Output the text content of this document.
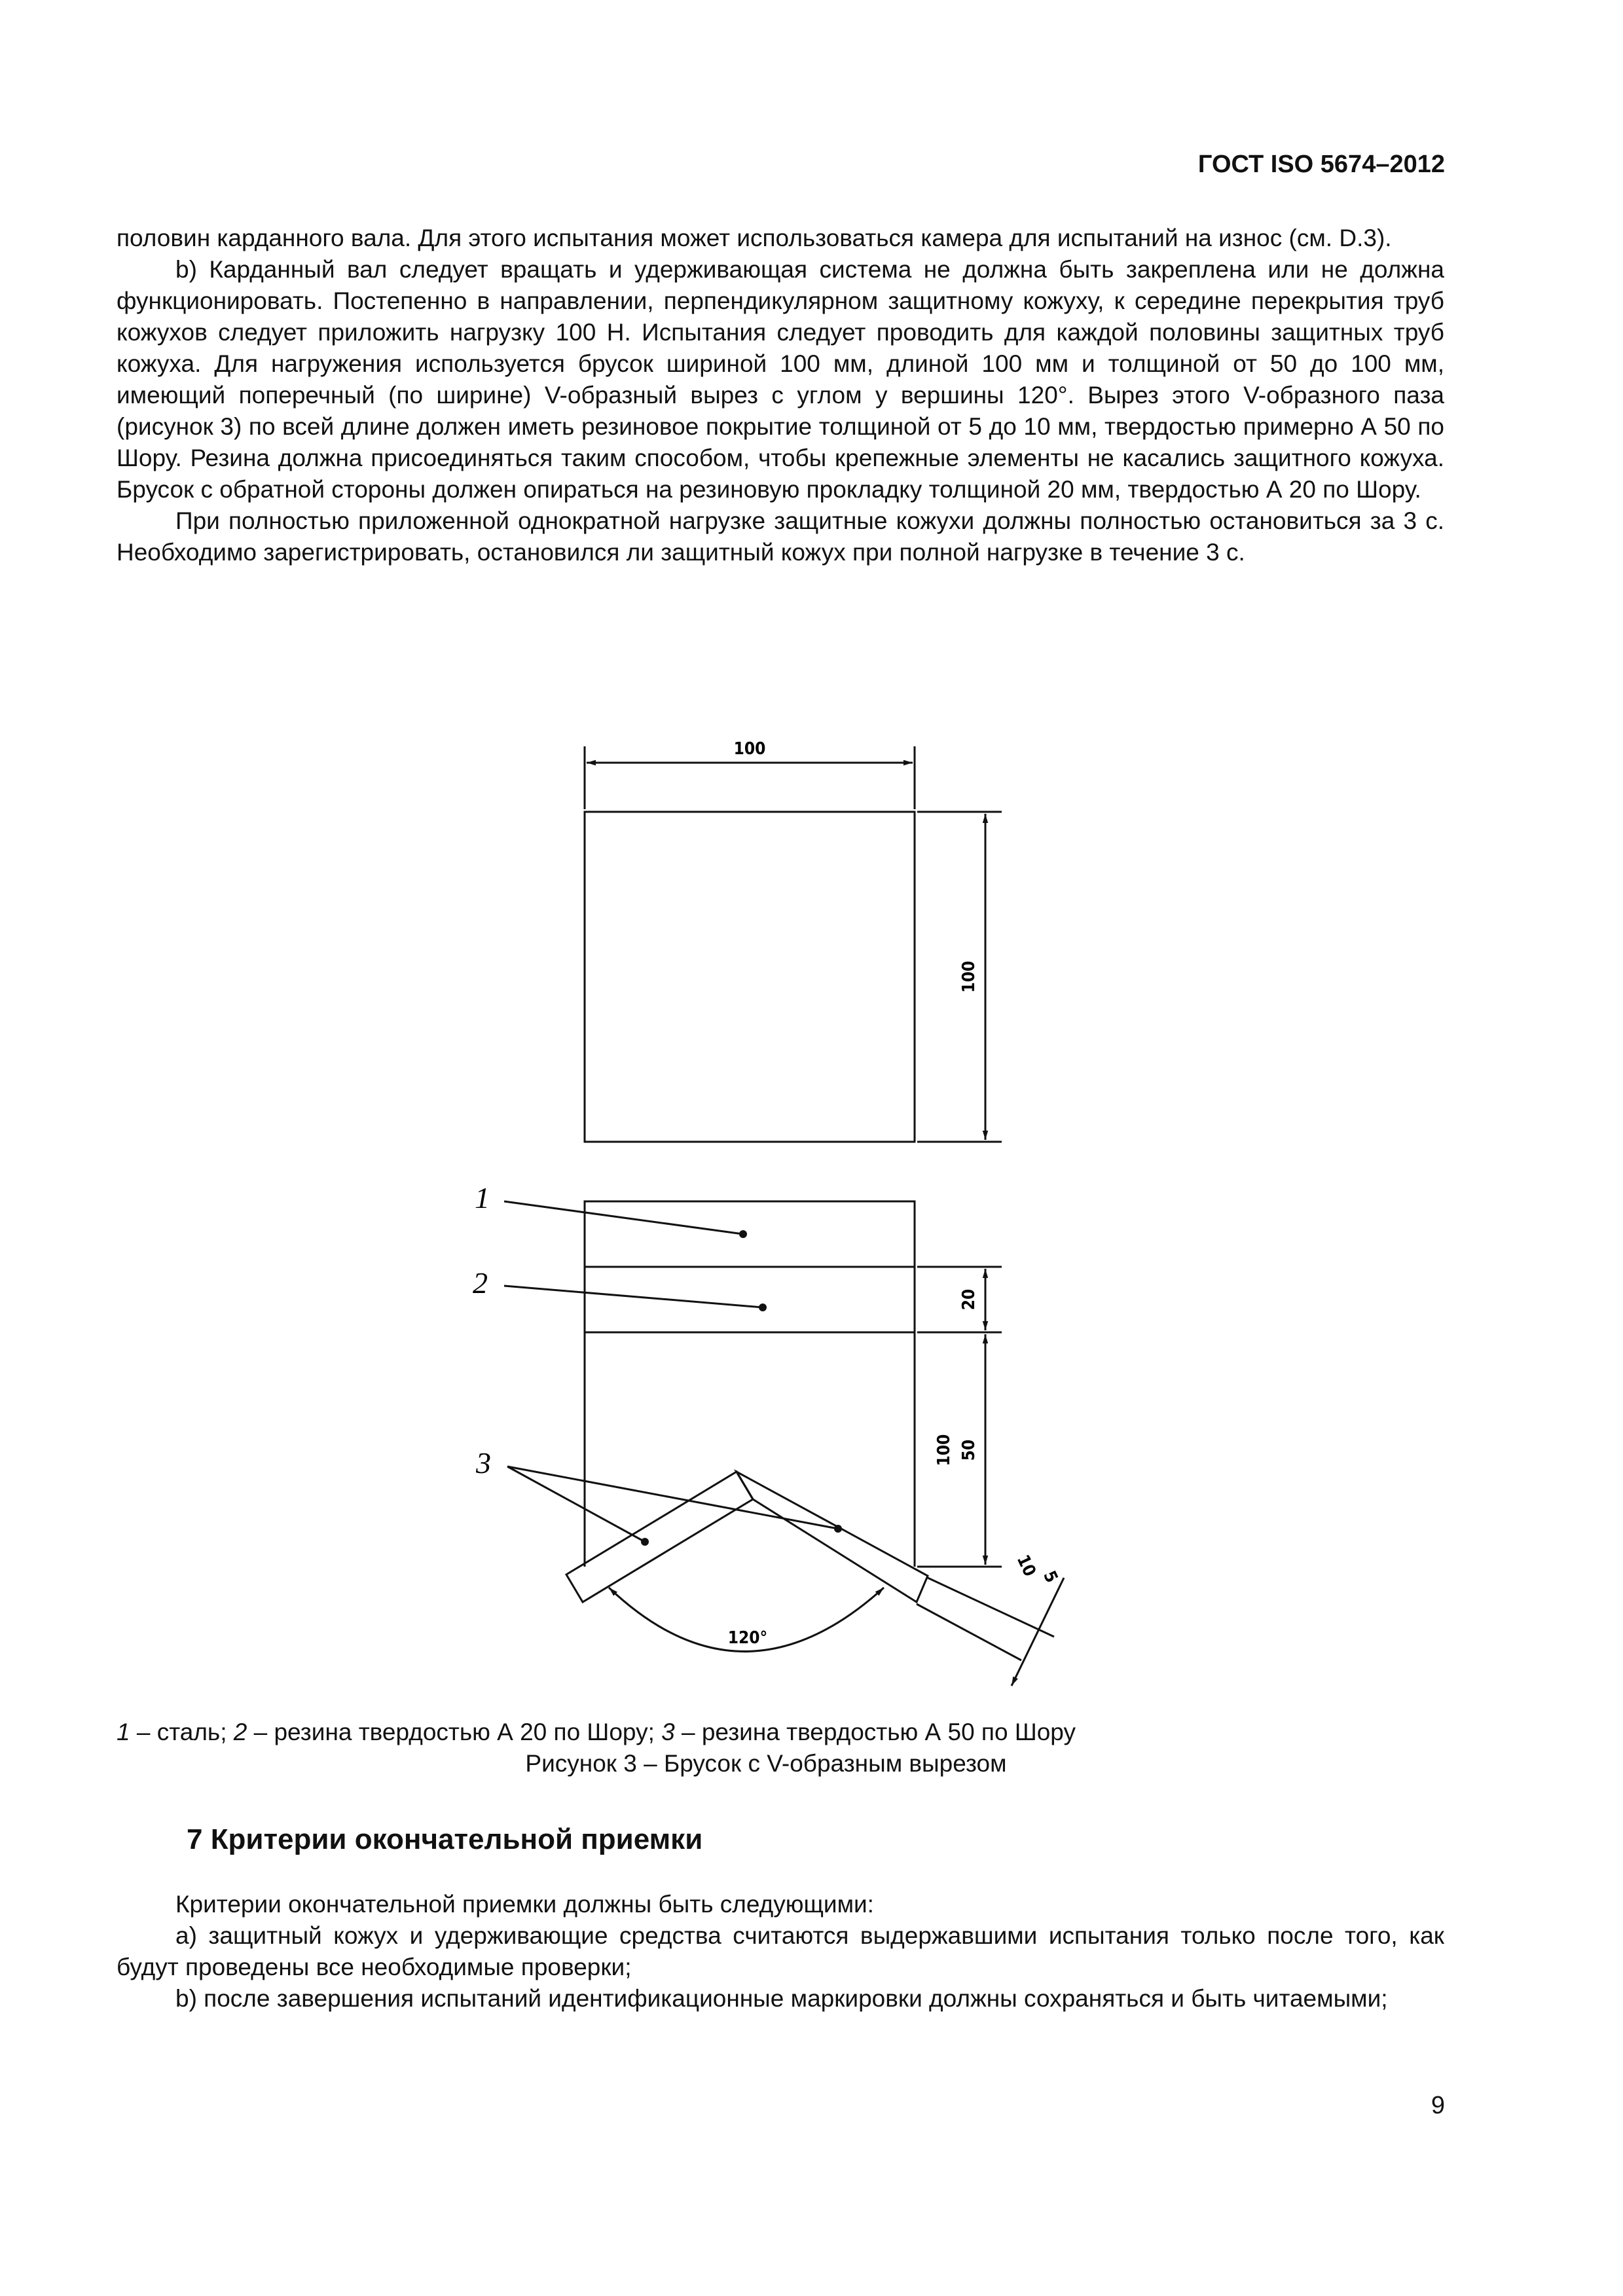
ГОСТ ISO 5674–2012

половин карданного вала. Для этого испытания может использоваться камера для испытаний на износ (см. D.3).

b) Карданный вал следует вращать и удерживающая система не должна быть закреплена или не должна функционировать. Постепенно в направлении, перпендикулярном защитному кожуху, к середине перекрытия труб кожухов следует приложить нагрузку 100 Н. Испытания следует проводить для каждой половины защитных труб кожуха. Для нагружения используется брусок шириной 100 мм, длиной 100 мм и толщиной от 50 до 100 мм, имеющий поперечный (по ширине) V-образный вырез с углом у вершины 120°. Вырез этого V-образного паза (рисунок 3) по всей длине должен иметь резиновое покрытие толщиной от 5 до 10 мм, твердостью примерно А 50 по Шору. Резина должна присоединяться таким способом, чтобы крепежные элементы не касались защитного кожуха. Брусок с обратной стороны должен опираться на резиновую прокладку толщиной 20 мм, твердостью А 20 по Шору.

При полностью приложенной однократной нагрузке защитные кожухи должны полностью остановиться за 3 с. Необходимо зарегистрировать, остановился ли защитный кожух при полной нагрузке в течение 3 с.

100
100
20
100 50
10 5
120°
1
2
3
1 – сталь; 2 – резина твердостью А 20 по Шору; 3 – резина твердостью А 50 по Шору
Рисунок 3 – Брусок с V-образным вырезом
7 Критерии окончательной приемки

Критерии окончательной приемки должны быть следующими:

a) защитный кожух и удерживающие средства считаются выдержавшими испытания только после того, как будут проведены все необходимые проверки;

b) после завершения испытаний идентификационные маркировки должны сохраняться и быть читаемыми;

9
